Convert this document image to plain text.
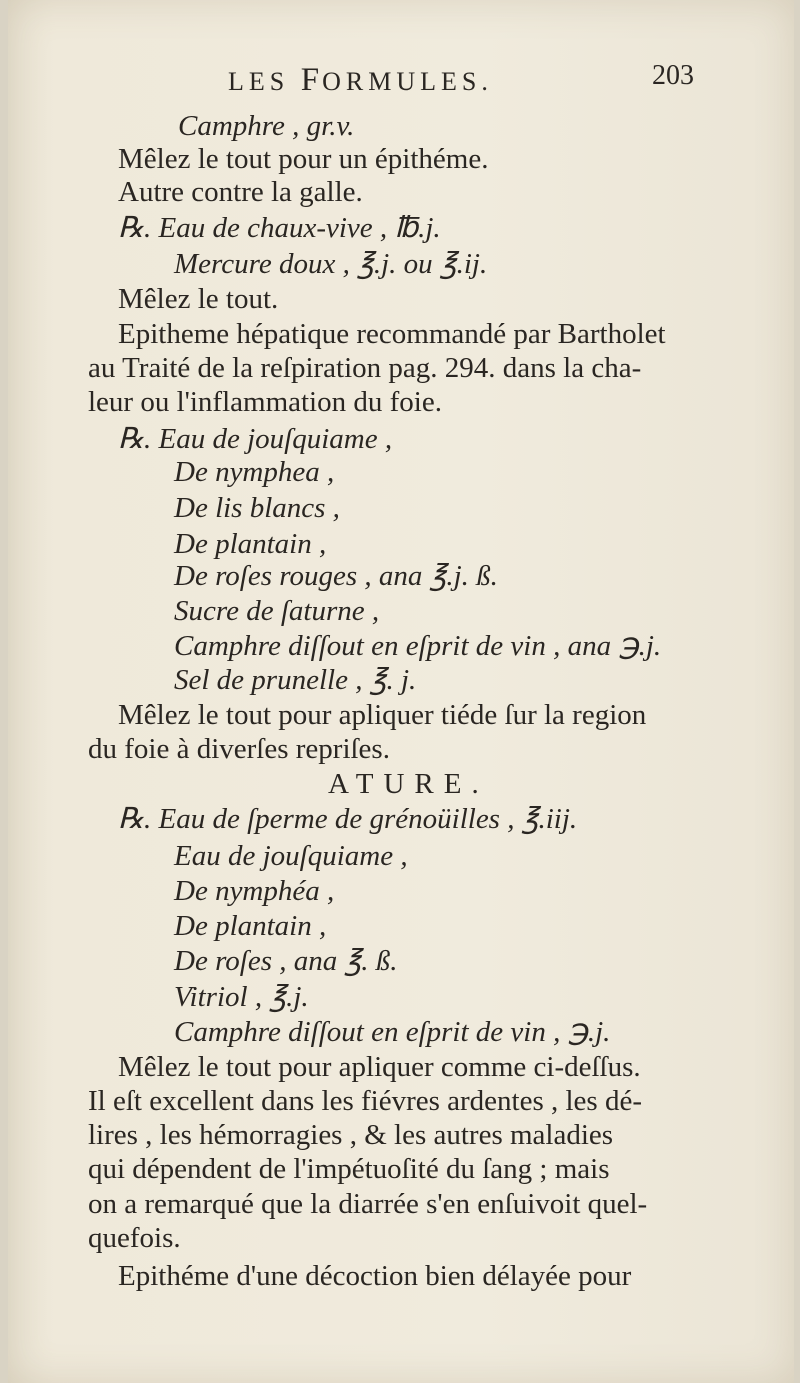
LES FORMULES.	203
Camphre , gr.v.
Mêlez le tout pour un épithéme.
Autre contre la galle.
℞. Eau de chaux-vive , ℔.j.
Mercure doux , ℥.j. ou ℥.ij.
Mêlez le tout.
Epitheme hépatique recommandé par Bartholet
au Traité de la reſpiration pag. 294. dans la cha-
leur ou l'inflammation du foie.
℞. Eau de jouſquiame ,
De nymphea ,
De lis blancs ,
De plantain ,
De roſes rouges , ana ℥.j. ß.
Sucre de ſaturne ,
Camphre diſſout en eſprit de vin , ana ℈.j.
Sel de prunelle , ℥. j.
Mêlez le tout pour apliquer tiéde ſur la region
du foie à diverſes repriſes.
ATURE.
℞. Eau de ſperme de grénoüilles , ℥.iij.
Eau de jouſquiame ,
De nymphéa ,
De plantain ,
De roſes , ana ℥. ß.
Vitriol , ℥.j.
Camphre diſſout en eſprit de vin , ℈.j.
Mêlez le tout pour apliquer comme ci-deſſus.
Il eſt excellent dans les fiévres ardentes , les dé-
lires , les hémorragies , & les autres maladies
qui dépendent de l'impétuoſité du ſang ; mais
on a remarqué que la diarrée s'en enſuivoit quel-
quefois.
Epithéme d'une décoction bien délayée pour
